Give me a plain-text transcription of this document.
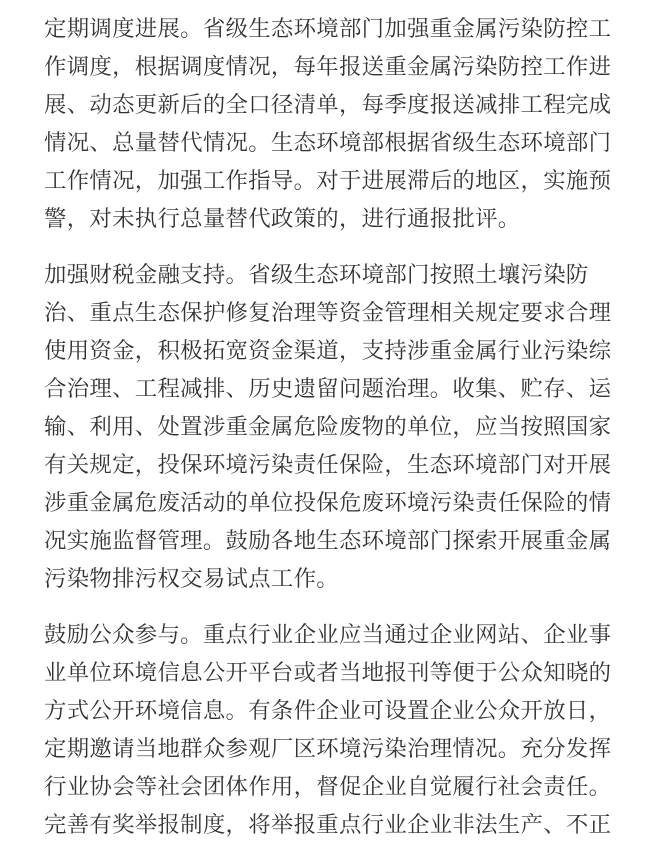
定期调度进展。省级生态环境部门加强重金属污染防控工
作调度，根据调度情况，每年报送重金属污染防控工作进
展、动态更新后的全口径清单，每季度报送减排工程完成
情况、总量替代情况。生态环境部根据省级生态环境部门
工作情况，加强工作指导。对于进展滞后的地区，实施预
警，对未执行总量替代政策的，进行通报批评。
加强财税金融支持。省级生态环境部门按照土壤污染防
治、重点生态保护修复治理等资金管理相关规定要求合理
使用资金，积极拓宽资金渠道，支持涉重金属行业污染综
合治理、工程减排、历史遗留问题治理。收集、贮存、运
输、利用、处置涉重金属危险废物的单位，应当按照国家
有关规定，投保环境污染责任保险，生态环境部门对开展
涉重金属危废活动的单位投保危废环境污染责任保险的情
况实施监督管理。鼓励各地生态环境部门探索开展重金属
污染物排污权交易试点工作。
鼓励公众参与。重点行业企业应当通过企业网站、企业事
业单位环境信息公开平台或者当地报刊等便于公众知晓的
方式公开环境信息。有条件企业可设置企业公众开放日，
定期邀请当地群众参观厂区环境污染治理情况。充分发挥
行业协会等社会团体作用，督促企业自觉履行社会责任。
完善有奖举报制度，将举报重点行业企业非法生产、不正
